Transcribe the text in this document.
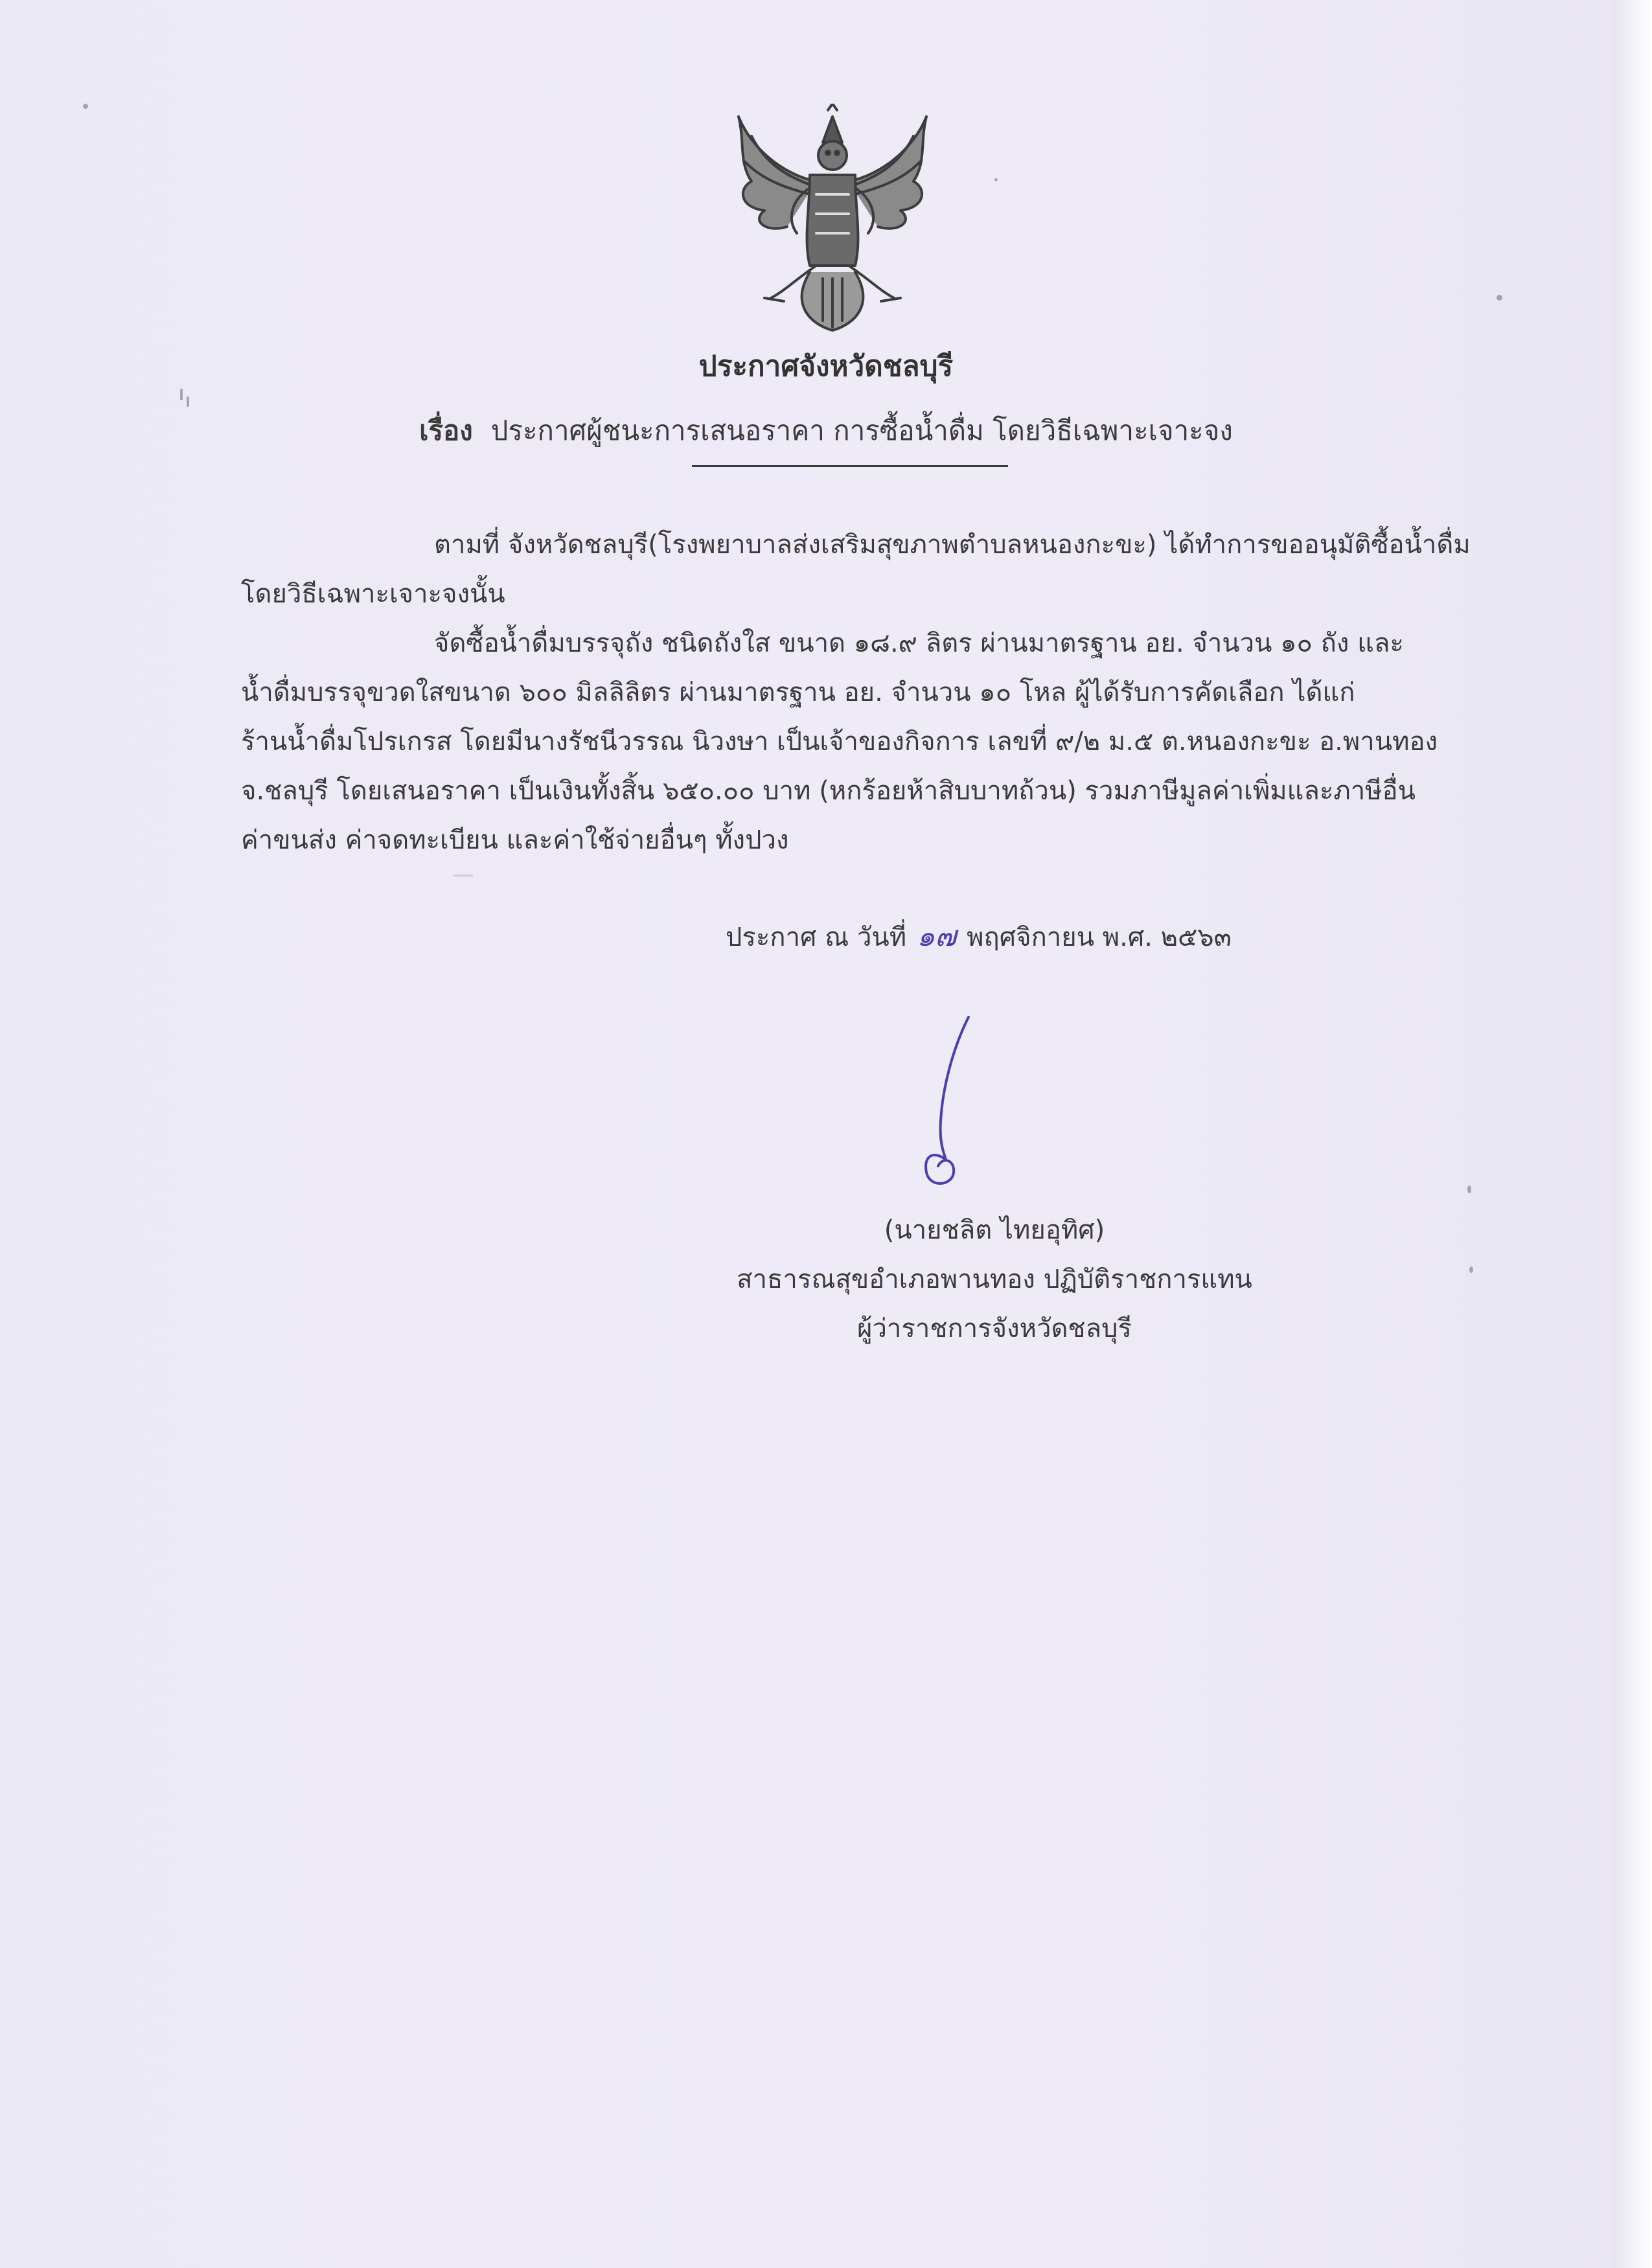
ประกาศจังหวัดชลบุรี
เรื่อง ประกาศผู้ชนะการเสนอราคา การซื้อน้ำดื่ม โดยวิธีเฉพาะเจาะจง
ตามที่ จังหวัดชลบุรี(โรงพยาบาลส่งเสริมสุขภาพตำบลหนองกะขะ) ได้ทำการขออนุมัติซื้อน้ำดื่ม
โดยวิธีเฉพาะเจาะจงนั้น
จัดซื้อน้ำดื่มบรรจุถัง ชนิดถังใส ขนาด ๑๘.๙ ลิตร ผ่านมาตรฐาน อย. จำนวน ๑๐ ถัง และ
น้ำดื่มบรรจุขวดใสขนาด ๖๐๐ มิลลิลิตร ผ่านมาตรฐาน อย. จำนวน ๑๐ โหล ผู้ได้รับการคัดเลือก ได้แก่
ร้านน้ำดื่มโปรเกรส โดยมีนางรัชนีวรรณ นิวงษา เป็นเจ้าของกิจการ เลขที่ ๙/๒ ม.๕ ต.หนองกะขะ อ.พานทอง
จ.ชลบุรี โดยเสนอราคา เป็นเงินทั้งสิ้น ๖๕๐.๐๐ บาท (หกร้อยห้าสิบบาทถ้วน) รวมภาษีมูลค่าเพิ่มและภาษีอื่น
ค่าขนส่ง ค่าจดทะเบียน และค่าใช้จ่ายอื่นๆ ทั้งปวง
ประกาศ ณ วันที่ ๑๗ พฤศจิกายน พ.ศ. ๒๕๖๓
(นายชลิต ไทยอุทิศ)
สาธารณสุขอำเภอพานทอง ปฏิบัติราชการแทน
ผู้ว่าราชการจังหวัดชลบุรี
